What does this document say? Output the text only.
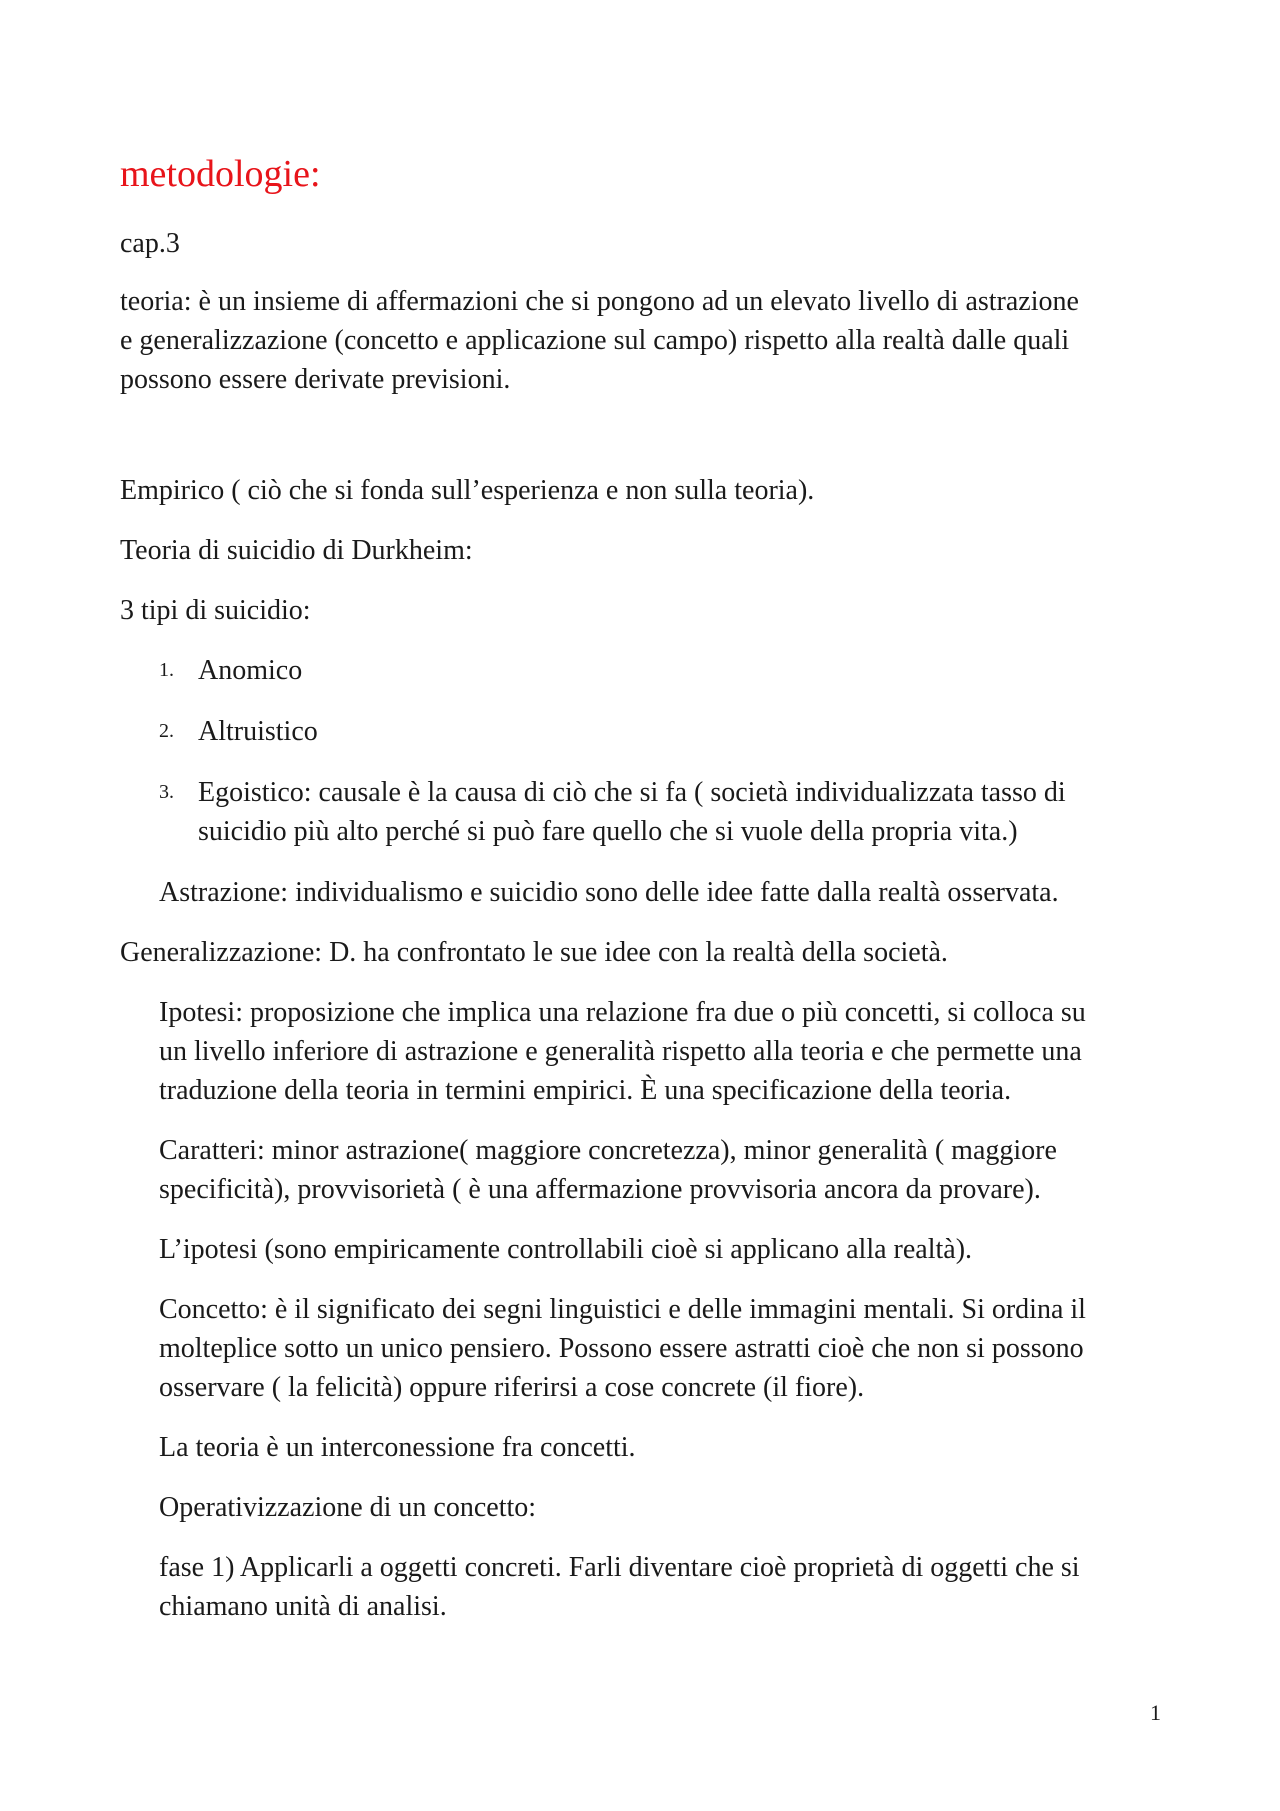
metodologie:

cap.3

teoria: è un insieme di affermazioni che si pongono ad un elevato livello di astrazione

e generalizzazione (concetto e applicazione sul campo) rispetto alla realtà dalle quali

possono essere derivate previsioni.

Empirico ( ciò che si fonda sull’esperienza e non sulla teoria).

Teoria di suicidio di Durkheim:

3 tipi di suicidio:

1. Anomico

2. Altruistico

3. Egoistico: causale è la causa di ciò che si fa ( società individualizzata tasso di

suicidio più alto perché si può fare quello che si vuole della propria vita.)

Astrazione: individualismo e suicidio sono delle idee fatte dalla realtà osservata.

Generalizzazione: D. ha confrontato le sue idee con la realtà della società.

Ipotesi: proposizione che implica una relazione fra due o più concetti, si colloca su

un livello inferiore di astrazione e generalità rispetto alla teoria e che permette una

traduzione della teoria in termini empirici. È una specificazione della teoria.

Caratteri: minor astrazione( maggiore concretezza), minor generalità ( maggiore

specificità), provvisorietà ( è una affermazione provvisoria ancora da provare).

L’ipotesi (sono empiricamente controllabili cioè si applicano alla realtà).

Concetto: è il significato dei segni linguistici e delle immagini mentali. Si ordina il

molteplice sotto un unico pensiero. Possono essere astratti cioè che non si possono

osservare ( la felicità) oppure riferirsi a cose concrete (il fiore).

La teoria è un interconessione fra concetti.

Operativizzazione di un concetto:

fase 1) Applicarli a oggetti concreti. Farli diventare cioè proprietà di oggetti che si

chiamano unità di analisi.

1
